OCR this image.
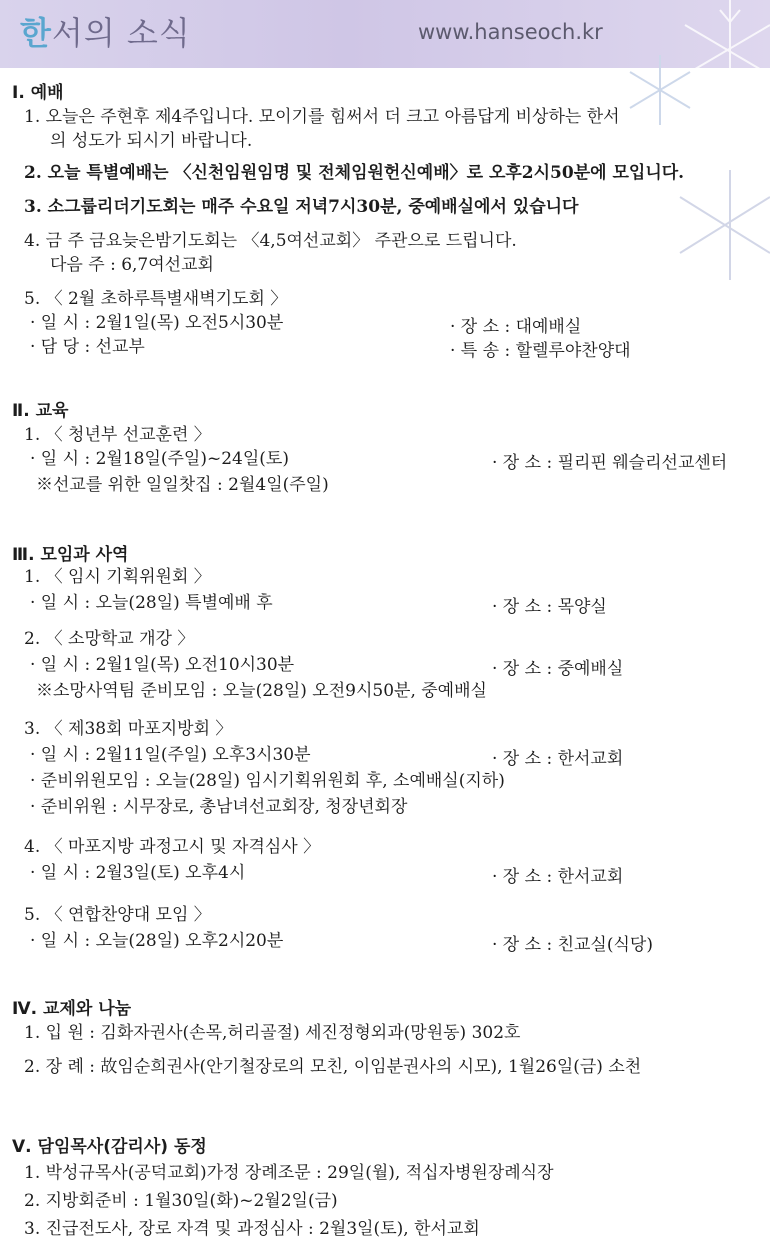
한서의 소식	www.hanseoch.kr
Ⅰ. 예배
1. 오늘은 주현후 제4주입니다. 모이기를 힘써서 더 크고 아름답게 비상하는 한서
의 성도가 되시기 바랍니다.
2. 오늘 특별예배는 〈신천임원임명 및 전체임원헌신예배〉로 오후2시50분에 모입니다.
3. 소그룹리더기도회는 매주 수요일 저녁7시30분, 중예배실에서 있습니다
4. 금 주 금요늦은밤기도회는 〈4,5여선교회〉 주관으로 드립니다.
다음 주 : 6,7여선교회
5. 〈 2월 초하루특별새벽기도회 〉
· 일 시 : 2월1일(목) 오전5시30분	· 장 소 : 대예배실
· 담 당 : 선교부	· 특 송 : 할렐루야찬양대
Ⅱ. 교육
1. 〈 청년부 선교훈련 〉
· 일 시 : 2월18일(주일)~24일(토)	· 장 소 : 필리핀 웨슬리선교센터
※선교를 위한 일일찻집 : 2월4일(주일)
Ⅲ. 모임과 사역
1. 〈 임시 기획위원회 〉
· 일 시 : 오늘(28일) 특별예배 후	· 장 소 : 목양실
2. 〈 소망학교 개강 〉
· 일 시 : 2월1일(목) 오전10시30분	· 장 소 : 중예배실
※소망사역팀 준비모임 : 오늘(28일) 오전9시50분, 중예배실
3. 〈 제38회 마포지방회 〉
· 일 시 : 2월11일(주일) 오후3시30분	· 장 소 : 한서교회
· 준비위원모임 : 오늘(28일) 임시기획위원회 후, 소예배실(지하)
· 준비위원 : 시무장로, 총남녀선교회장, 청장년회장
4. 〈 마포지방 과정고시 및 자격심사 〉
· 일 시 : 2월3일(토) 오후4시	· 장 소 : 한서교회
5. 〈 연합찬양대 모임 〉
· 일 시 : 오늘(28일) 오후2시20분	· 장 소 : 친교실(식당)
Ⅳ. 교제와 나눔
1. 입 원 : 김화자권사(손목,허리골절) 세진정형외과(망원동) 302호
2. 장 례 : 故임순희권사(안기철장로의 모친, 이임분권사의 시모), 1월26일(금) 소천
Ⅴ. 담임목사(감리사) 동정
1. 박성규목사(공덕교회)가정 장례조문 : 29일(월), 적십자병원장례식장
2. 지방회준비 : 1월30일(화)~2월2일(금)
3. 진급전도사, 장로 자격 및 과정심사 : 2월3일(토), 한서교회
